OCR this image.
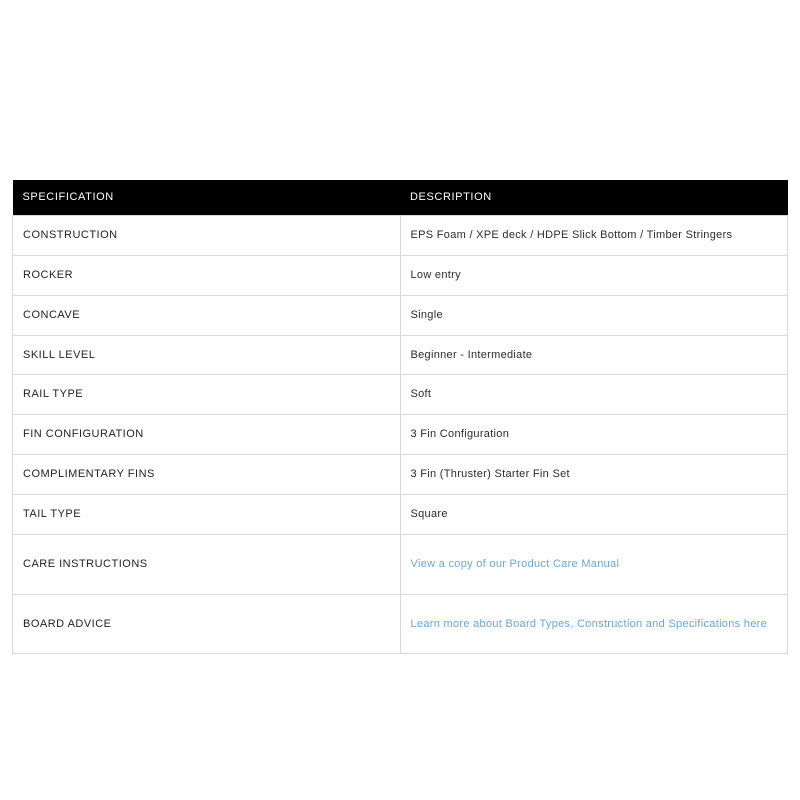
SPECIFICATION	DESCRIPTION
CONSTRUCTION	EPS Foam / XPE deck / HDPE Slick Bottom / Timber Stringers
ROCKER	Low entry
CONCAVE	Single
SKILL LEVEL	Beginner - Intermediate
RAIL TYPE	Soft
FIN CONFIGURATION	3 Fin Configuration
COMPLIMENTARY FINS	3 Fin (Thruster) Starter Fin Set
TAIL TYPE	Square
CARE INSTRUCTIONS	View a copy of our Product Care Manual
BOARD ADVICE	Learn more about Board Types, Construction and Specifications here
